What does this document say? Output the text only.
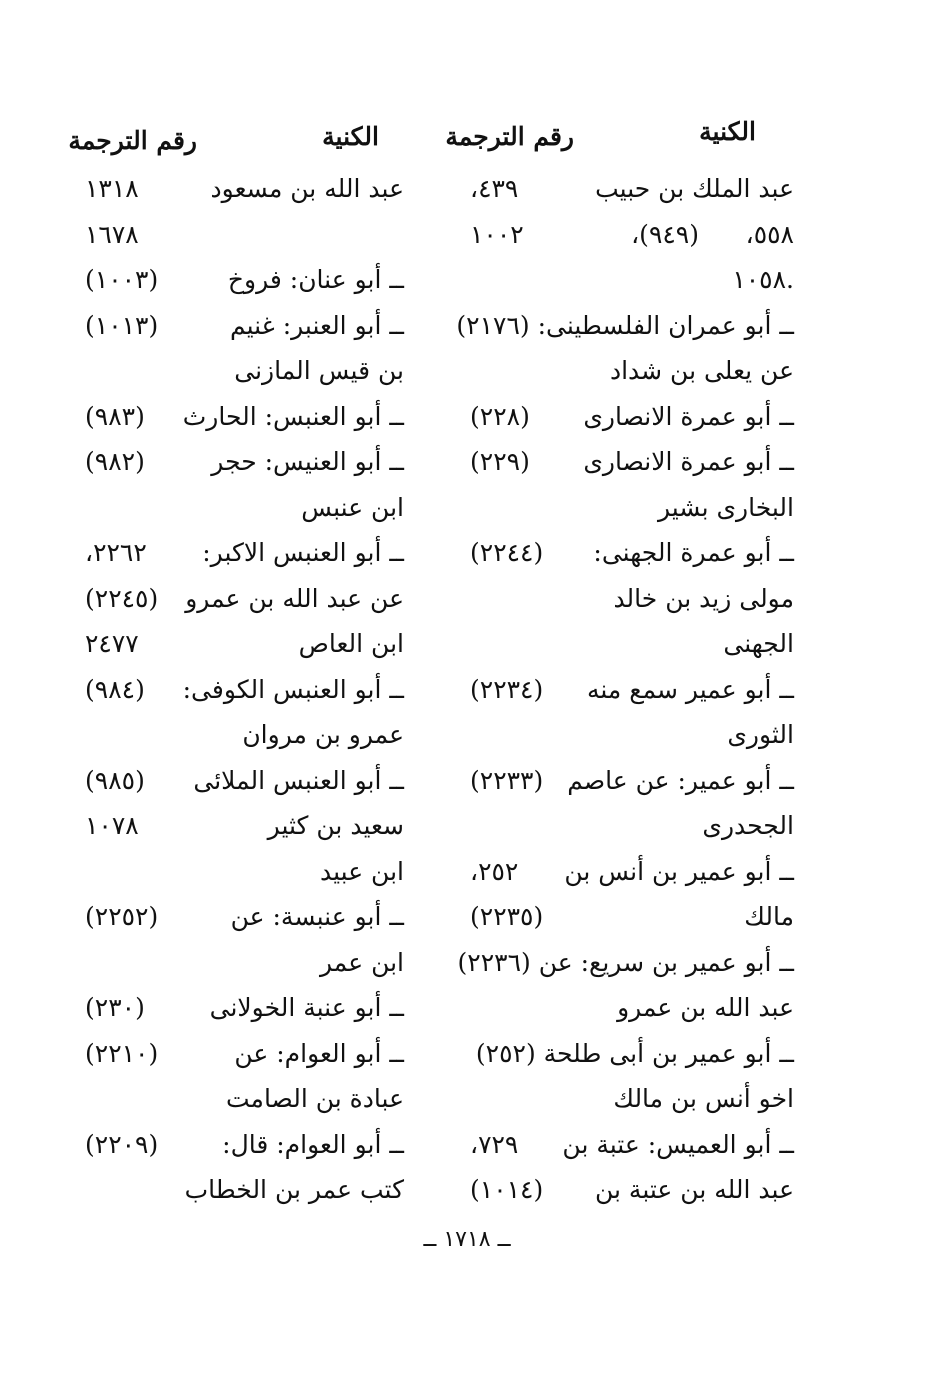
الكنية
رقم الترجمة
الكنية
رقم الترجمة
عبد الملك بن حبيب
٤٣٩،
٥٥٨،
(٩٤٩)،
١٠٠٢
.١٠٥٨
ــ أبو عمران الفلسطينى: (٢١٧٦)
عن يعلى بن شداد
ــ أبو عمرة الانصارى
(٢٢٨)
ــ أبو عمرة الانصارى
(٢٢٩)
البخارى بشير
ــ أبو عمرة الجهنى:
(٢٢٤٤)
مولى زيد بن خالد
الجهنى
ــ أبو عمير سمع منه
(٢٢٣٤)
الثورى
ــ أبو عمير: عن عاصم
(٢٢٣٣)
الجحدرى
ــ أبو عمير بن أنس بن
٢٥٢،
مالك
(٢٢٣٥)
ــ أبو عمير بن سريع: عن (٢٢٣٦)
عبد الله بن عمرو
ــ أبو عمير بن أبى طلحة (٢٥٢)
اخو أنس بن مالك
ــ أبو العميس: عتبة بن
٧٢٩،
عبد الله بن عتبة بن
(١٠١٤)
عبد الله بن مسعود
١٣١٨
١٦٧٨
ــ أبو عنان: فروخ
(١٠٠٣)
ــ أبو العنبر: غنيم
(١٠١٣)
بن قيس المازنى
ــ أبو العنبس: الحارث
(٩٨٣)
ــ أبو العنيس: حجر
(٩٨٢)
ابن عنبس
ــ أبو العنبس الاكبر:
٢٢٦٢،
عن عبد الله بن عمرو
(٢٢٤٥)
ابن العاص
٢٤٧٧
ــ أبو العنبس الكوفى:
(٩٨٤)
عمرو بن مروان
ــ أبو العنبس الملائى
(٩٨٥)
سعيد بن كثير
١٠٧٨
ابن عبيد
ــ أبو عنبسة: عن
(٢٢٥٢)
ابن عمر
ــ أبو عنبة الخولانى
(٢٣٠)
ــ أبو العوام: عن
(٢٢١٠)
عبادة بن الصامت
ــ أبو العوام: قال:
(٢٢٠٩)
كتب عمر بن الخطاب
ــ ١٧١٨ ــ
